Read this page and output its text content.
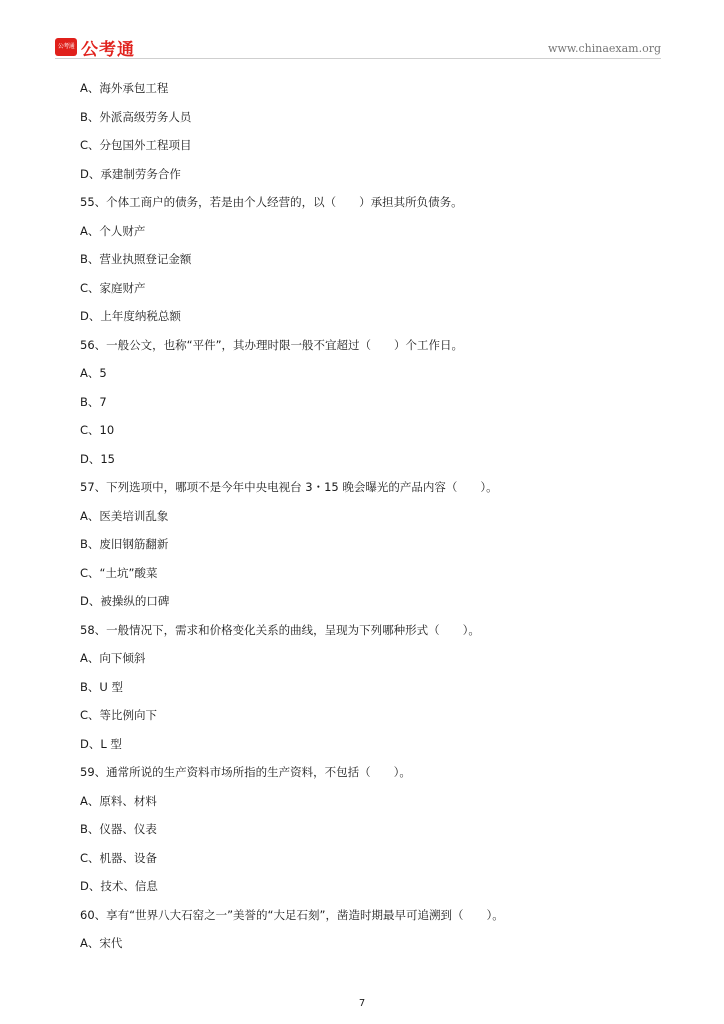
公考通 公考通	www.chinaexam.org
A、海外承包工程
B、外派高级劳务人员
C、分包国外工程项目
D、承建制劳务合作
55、个体工商户的债务，若是由个人经营的，以（　　）承担其所负债务。
A、个人财产
B、营业执照登记金额
C、家庭财产
D、上年度纳税总额
56、一般公文，也称“平件”，其办理时限一般不宜超过（　　）个工作日。
A、5
B、7
C、10
D、15
57、下列选项中，哪项不是今年中央电视台 3・15 晚会曝光的产品内容（　　）。
A、医美培训乱象
B、废旧钢筋翻新
C、“土坑”酸菜
D、被操纵的口碑
58、一般情况下，需求和价格变化关系的曲线，呈现为下列哪种形式（　　）。
A、向下倾斜
B、U 型
C、等比例向下
D、L 型
59、通常所说的生产资料市场所指的生产资料，不包括（　　）。
A、原料、材料
B、仪器、仪表
C、机器、设备
D、技术、信息
60、享有“世界八大石窑之一”美誉的“大足石刻”，凿造时期最早可追溯到（　　）。
A、宋代
7
